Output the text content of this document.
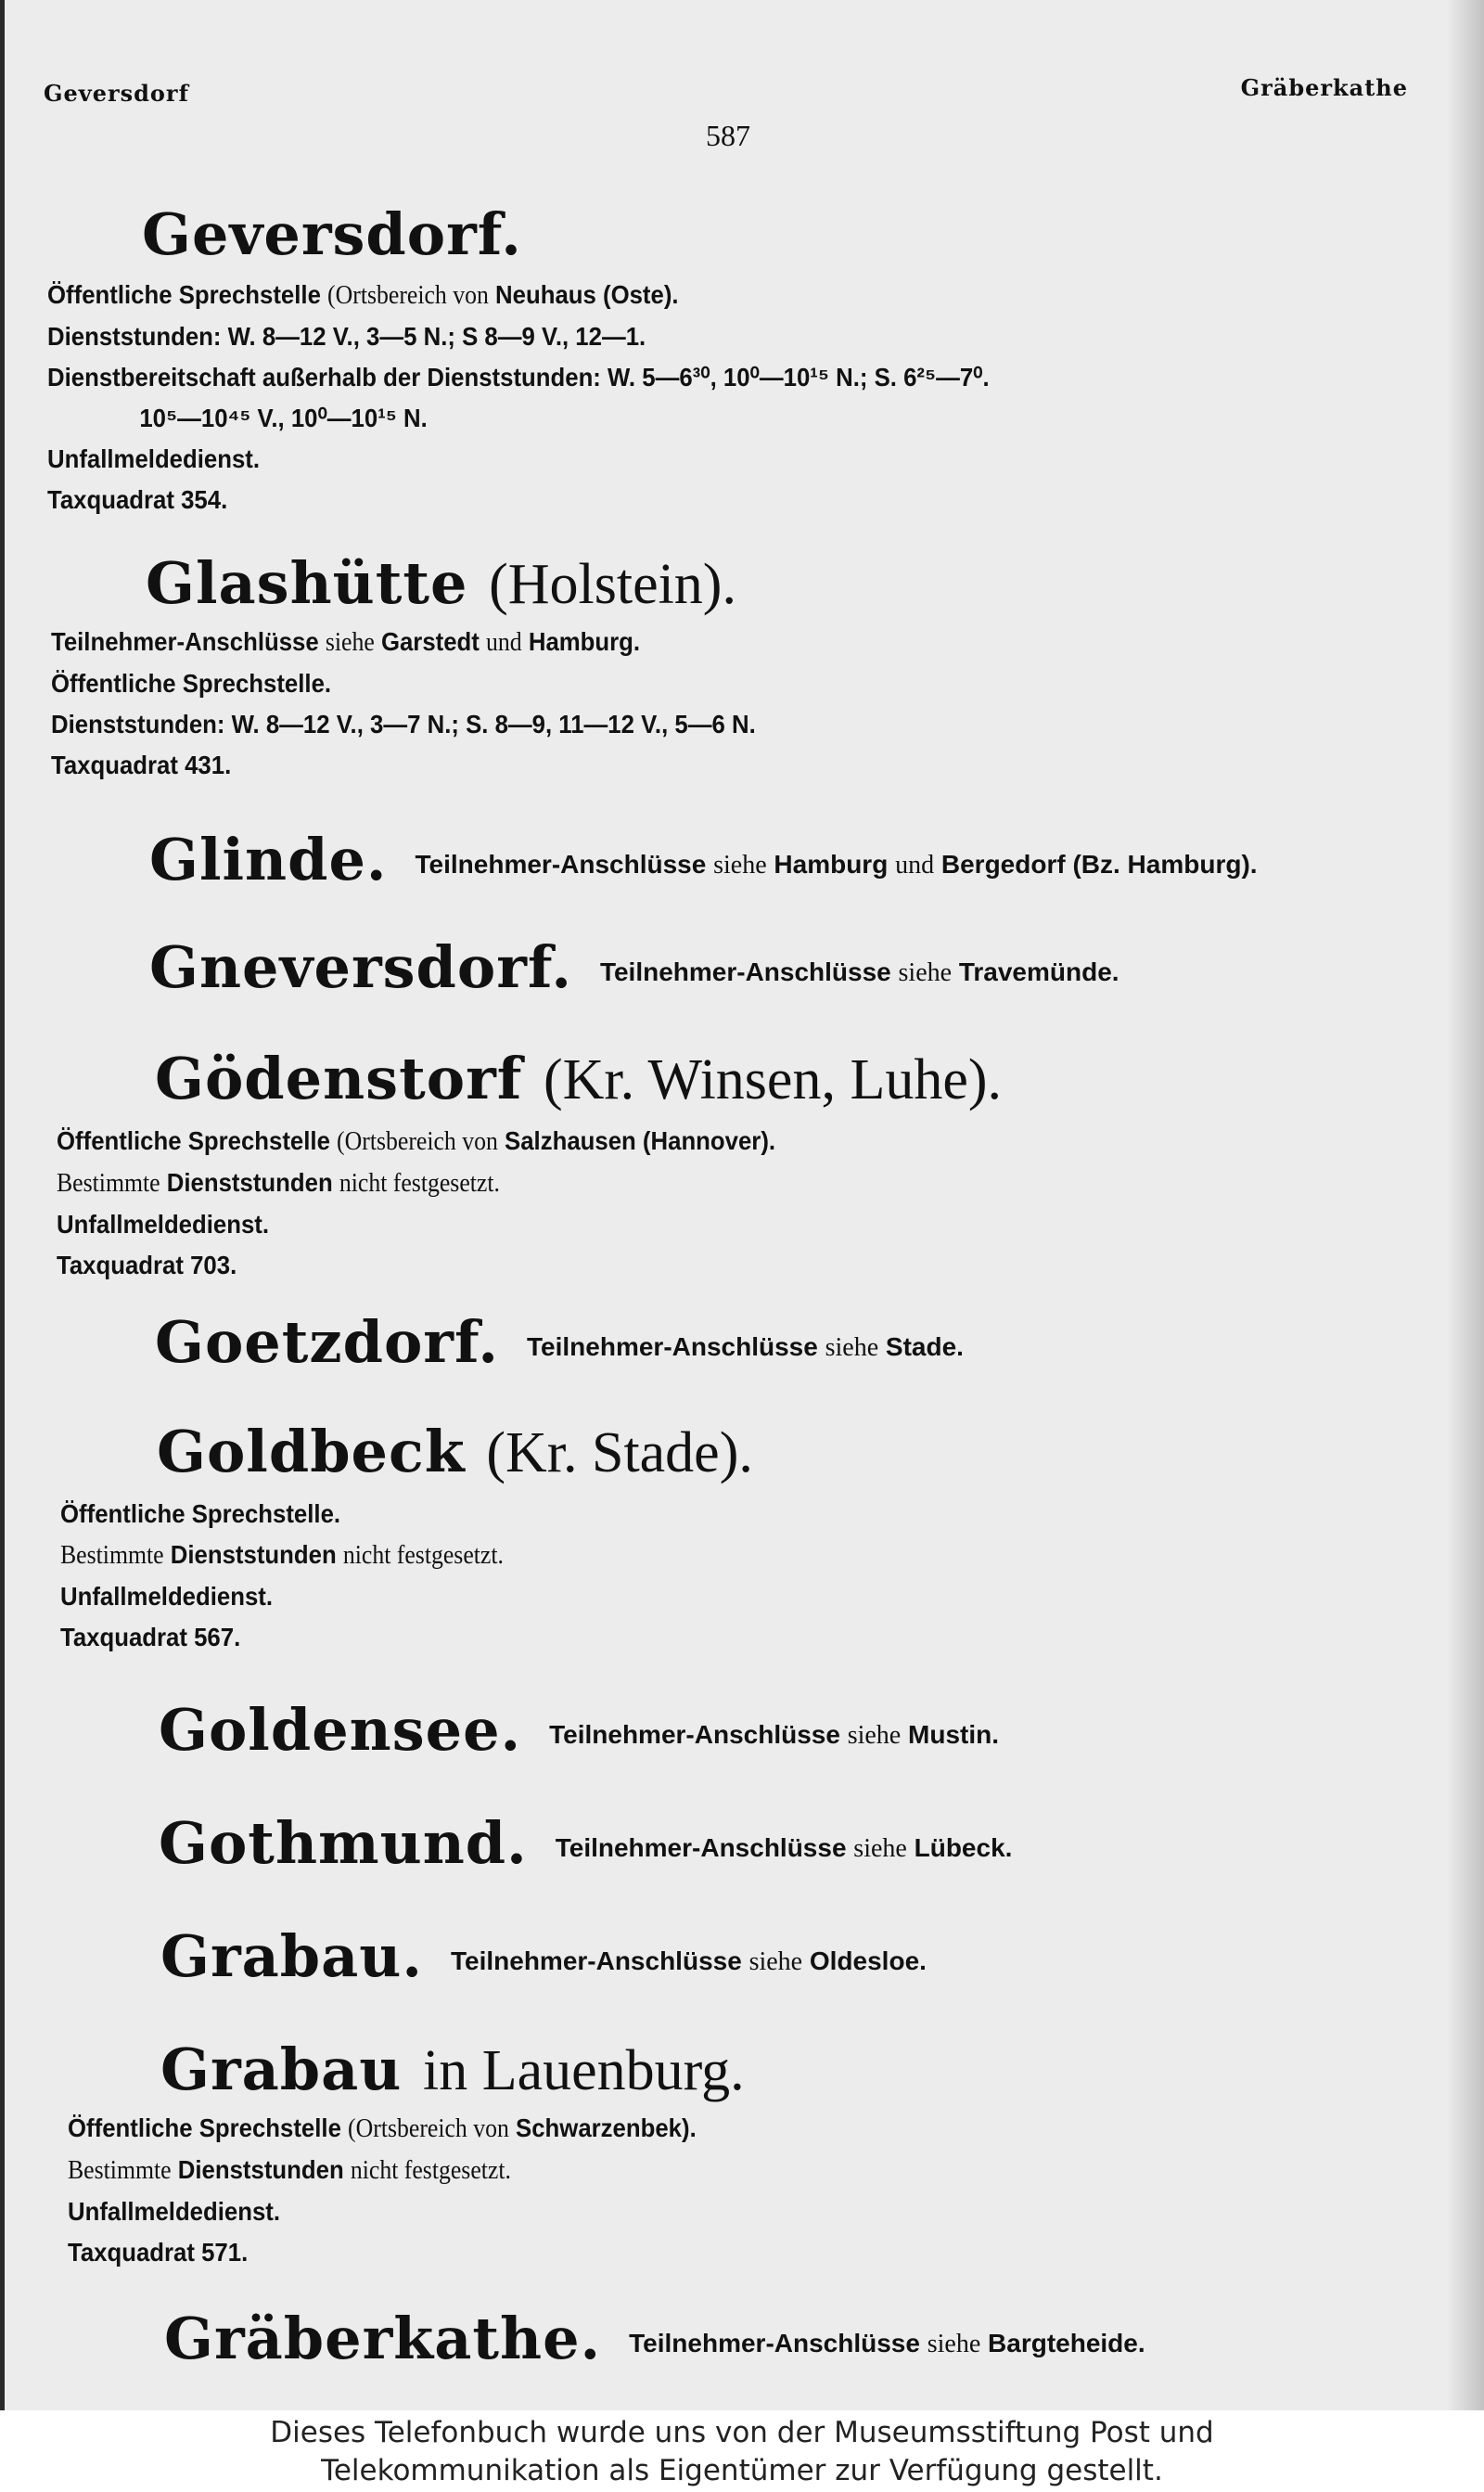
Geversdorf	Gräberkathe
587
Geversdorf.
Öffentliche Sprechstelle (Ortsbereich von Neuhaus (Oste).
Dienststunden: W. 8—12 V., 3—5 N.; S 8—9 V., 12—1.
Dienstbereitschaft außerhalb der Dienststunden: W. 5—6³⁰, 10⁰—10¹⁵ N.; S. 6²⁵—7⁰.
10⁵—10⁴⁵ V., 10⁰—10¹⁵ N.
Unfallmeldedienst.
Taxquadrat 354.
Glashütte (Holstein).
Teilnehmer-Anschlüsse siehe Garstedt und Hamburg.
Öffentliche Sprechstelle.
Dienststunden: W. 8—12 V., 3—7 N.; S. 8—9, 11—12 V., 5—6 N.
Taxquadrat 431.
Glinde. Teilnehmer-Anschlüsse siehe Hamburg und Bergedorf (Bz. Hamburg).
Gneversdorf. Teilnehmer-Anschlüsse siehe Travemünde.
Gödenstorf (Kr. Winsen, Luhe).
Öffentliche Sprechstelle (Ortsbereich von Salzhausen (Hannover).
Bestimmte Dienststunden nicht festgesetzt.
Unfallmeldedienst.
Taxquadrat 703.
Goetzdorf. Teilnehmer-Anschlüsse siehe Stade.
Goldbeck (Kr. Stade).
Öffentliche Sprechstelle.
Bestimmte Dienststunden nicht festgesetzt.
Unfallmeldedienst.
Taxquadrat 567.
Goldensee. Teilnehmer-Anschlüsse siehe Mustin.
Gothmund. Teilnehmer-Anschlüsse siehe Lübeck.
Grabau. Teilnehmer-Anschlüsse siehe Oldesloe.
Grabau in Lauenburg.
Öffentliche Sprechstelle (Ortsbereich von Schwarzenbek).
Bestimmte Dienststunden nicht festgesetzt.
Unfallmeldedienst.
Taxquadrat 571.
Gräberkathe. Teilnehmer-Anschlüsse siehe Bargteheide.
Dieses Telefonbuch wurde uns von der Museumsstiftung Post und
Telekommunikation als Eigentümer zur Verfügung gestellt.
